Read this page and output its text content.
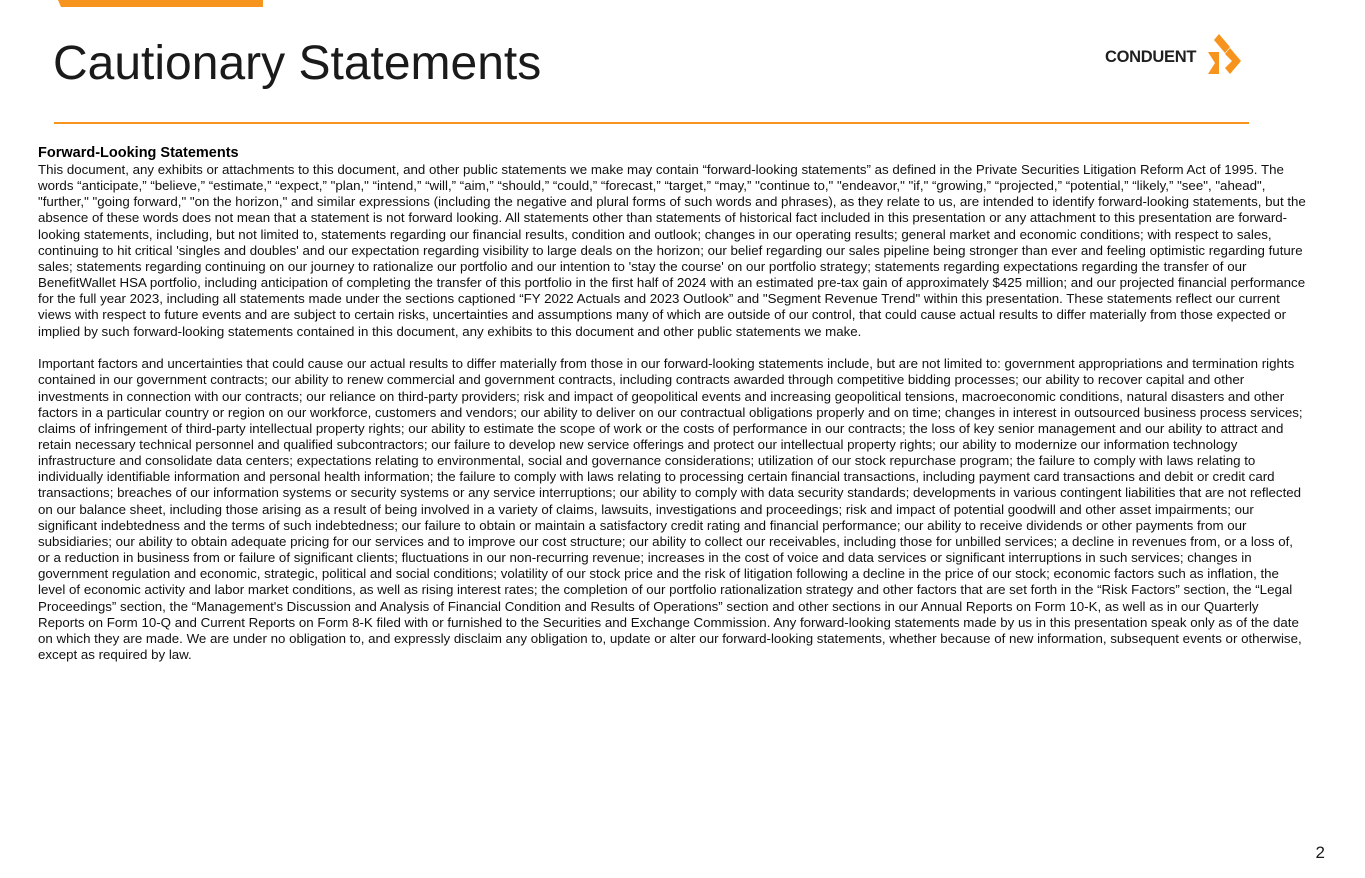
Cautionary Statements	CONDUENT

Forward-Looking Statements

This document, any exhibits or attachments to this document, and other public statements we make may contain “forward-looking statements” as defined in the Private Securities Litigation Reform Act of 1995. The words “anticipate,” “believe,” “estimate,” “expect,” "plan," “intend,” “will,” “aim,” “should,” “could,” “forecast,” “target,” “may,” "continue to," "endeavor," "if," “growing,” “projected,” “potential,” “likely,” "see", "ahead", "further," "going forward," "on the horizon," and similar expressions (including the negative and plural forms of such words and phrases), as they relate to us, are intended to identify forward-looking statements, but the absence of these words does not mean that a statement is not forward looking. All statements other than statements of historical fact included in this presentation or any attachment to this presentation are forward-looking statements, including, but not limited to, statements regarding our financial results, condition and outlook; changes in our operating results; general market and economic conditions; with respect to sales, continuing to hit critical 'singles and doubles' and our expectation regarding visibility to large deals on the horizon; our belief regarding our sales pipeline being stronger than ever and feeling optimistic regarding future sales; statements regarding continuing on our journey to rationalize our portfolio and our intention to 'stay the course' on our portfolio strategy; statements regarding expectations regarding the transfer of our BenefitWallet HSA portfolio, including anticipation of completing the transfer of this portfolio in the first half of 2024 with an estimated pre-tax gain of approximately $425 million; and our projected financial performance for the full year 2023, including all statements made under the sections captioned “FY 2022 Actuals and 2023 Outlook” and "Segment Revenue Trend" within this presentation. These statements reflect our current views with respect to future events and are subject to certain risks, uncertainties and assumptions many of which are outside of our control, that could cause actual results to differ materially from those expected or implied by such forward-looking statements contained in this document, any exhibits to this document and other public statements we make.

Important factors and uncertainties that could cause our actual results to differ materially from those in our forward-looking statements include, but are not limited to: government appropriations and termination rights contained in our government contracts; our ability to renew commercial and government contracts, including contracts awarded through competitive bidding processes; our ability to recover capital and other investments in connection with our contracts; our reliance on third-party providers; risk and impact of geopolitical events and increasing geopolitical tensions, macroeconomic conditions, natural disasters and other factors in a particular country or region on our workforce, customers and vendors; our ability to deliver on our contractual obligations properly and on time; changes in interest in outsourced business process services; claims of infringement of third-party intellectual property rights; our ability to estimate the scope of work or the costs of performance in our contracts; the loss of key senior management and our ability to attract and retain necessary technical personnel and qualified subcontractors; our failure to develop new service offerings and protect our intellectual property rights; our ability to modernize our information technology infrastructure and consolidate data centers; expectations relating to environmental, social and governance considerations; utilization of our stock repurchase program; the failure to comply with laws relating to individually identifiable information and personal health information; the failure to comply with laws relating to processing certain financial transactions, including payment card transactions and debit or credit card transactions; breaches of our information systems or security systems or any service interruptions; our ability to comply with data security standards; developments in various contingent liabilities that are not reflected on our balance sheet, including those arising as a result of being involved in a variety of claims, lawsuits, investigations and proceedings; risk and impact of potential goodwill and other asset impairments; our significant indebtedness and the terms of such indebtedness; our failure to obtain or maintain a satisfactory credit rating and financial performance; our ability to receive dividends or other payments from our subsidiaries; our ability to obtain adequate pricing for our services and to improve our cost structure; our ability to collect our receivables, including those for unbilled services; a decline in revenues from, or a loss of, or a reduction in business from or failure of significant clients; fluctuations in our non-recurring revenue; increases in the cost of voice and data services or significant interruptions in such services; changes in government regulation and economic, strategic, political and social conditions; volatility of our stock price and the risk of litigation following a decline in the price of our stock; economic factors such as inflation, the level of economic activity and labor market conditions, as well as rising interest rates; the completion of our portfolio rationalization strategy and other factors that are set forth in the “Risk Factors” section, the “Legal Proceedings” section, the “Management's Discussion and Analysis of Financial Condition and Results of Operations” section and other sections in our Annual Reports on Form 10-K, as well as in our Quarterly Reports on Form 10-Q and Current Reports on Form 8-K filed with or furnished to the Securities and Exchange Commission. Any forward-looking statements made by us in this presentation speak only as of the date on which they are made. We are under no obligation to, and expressly disclaim any obligation to, update or alter our forward-looking statements, whether because of new information, subsequent events or otherwise, except as required by law.

2
